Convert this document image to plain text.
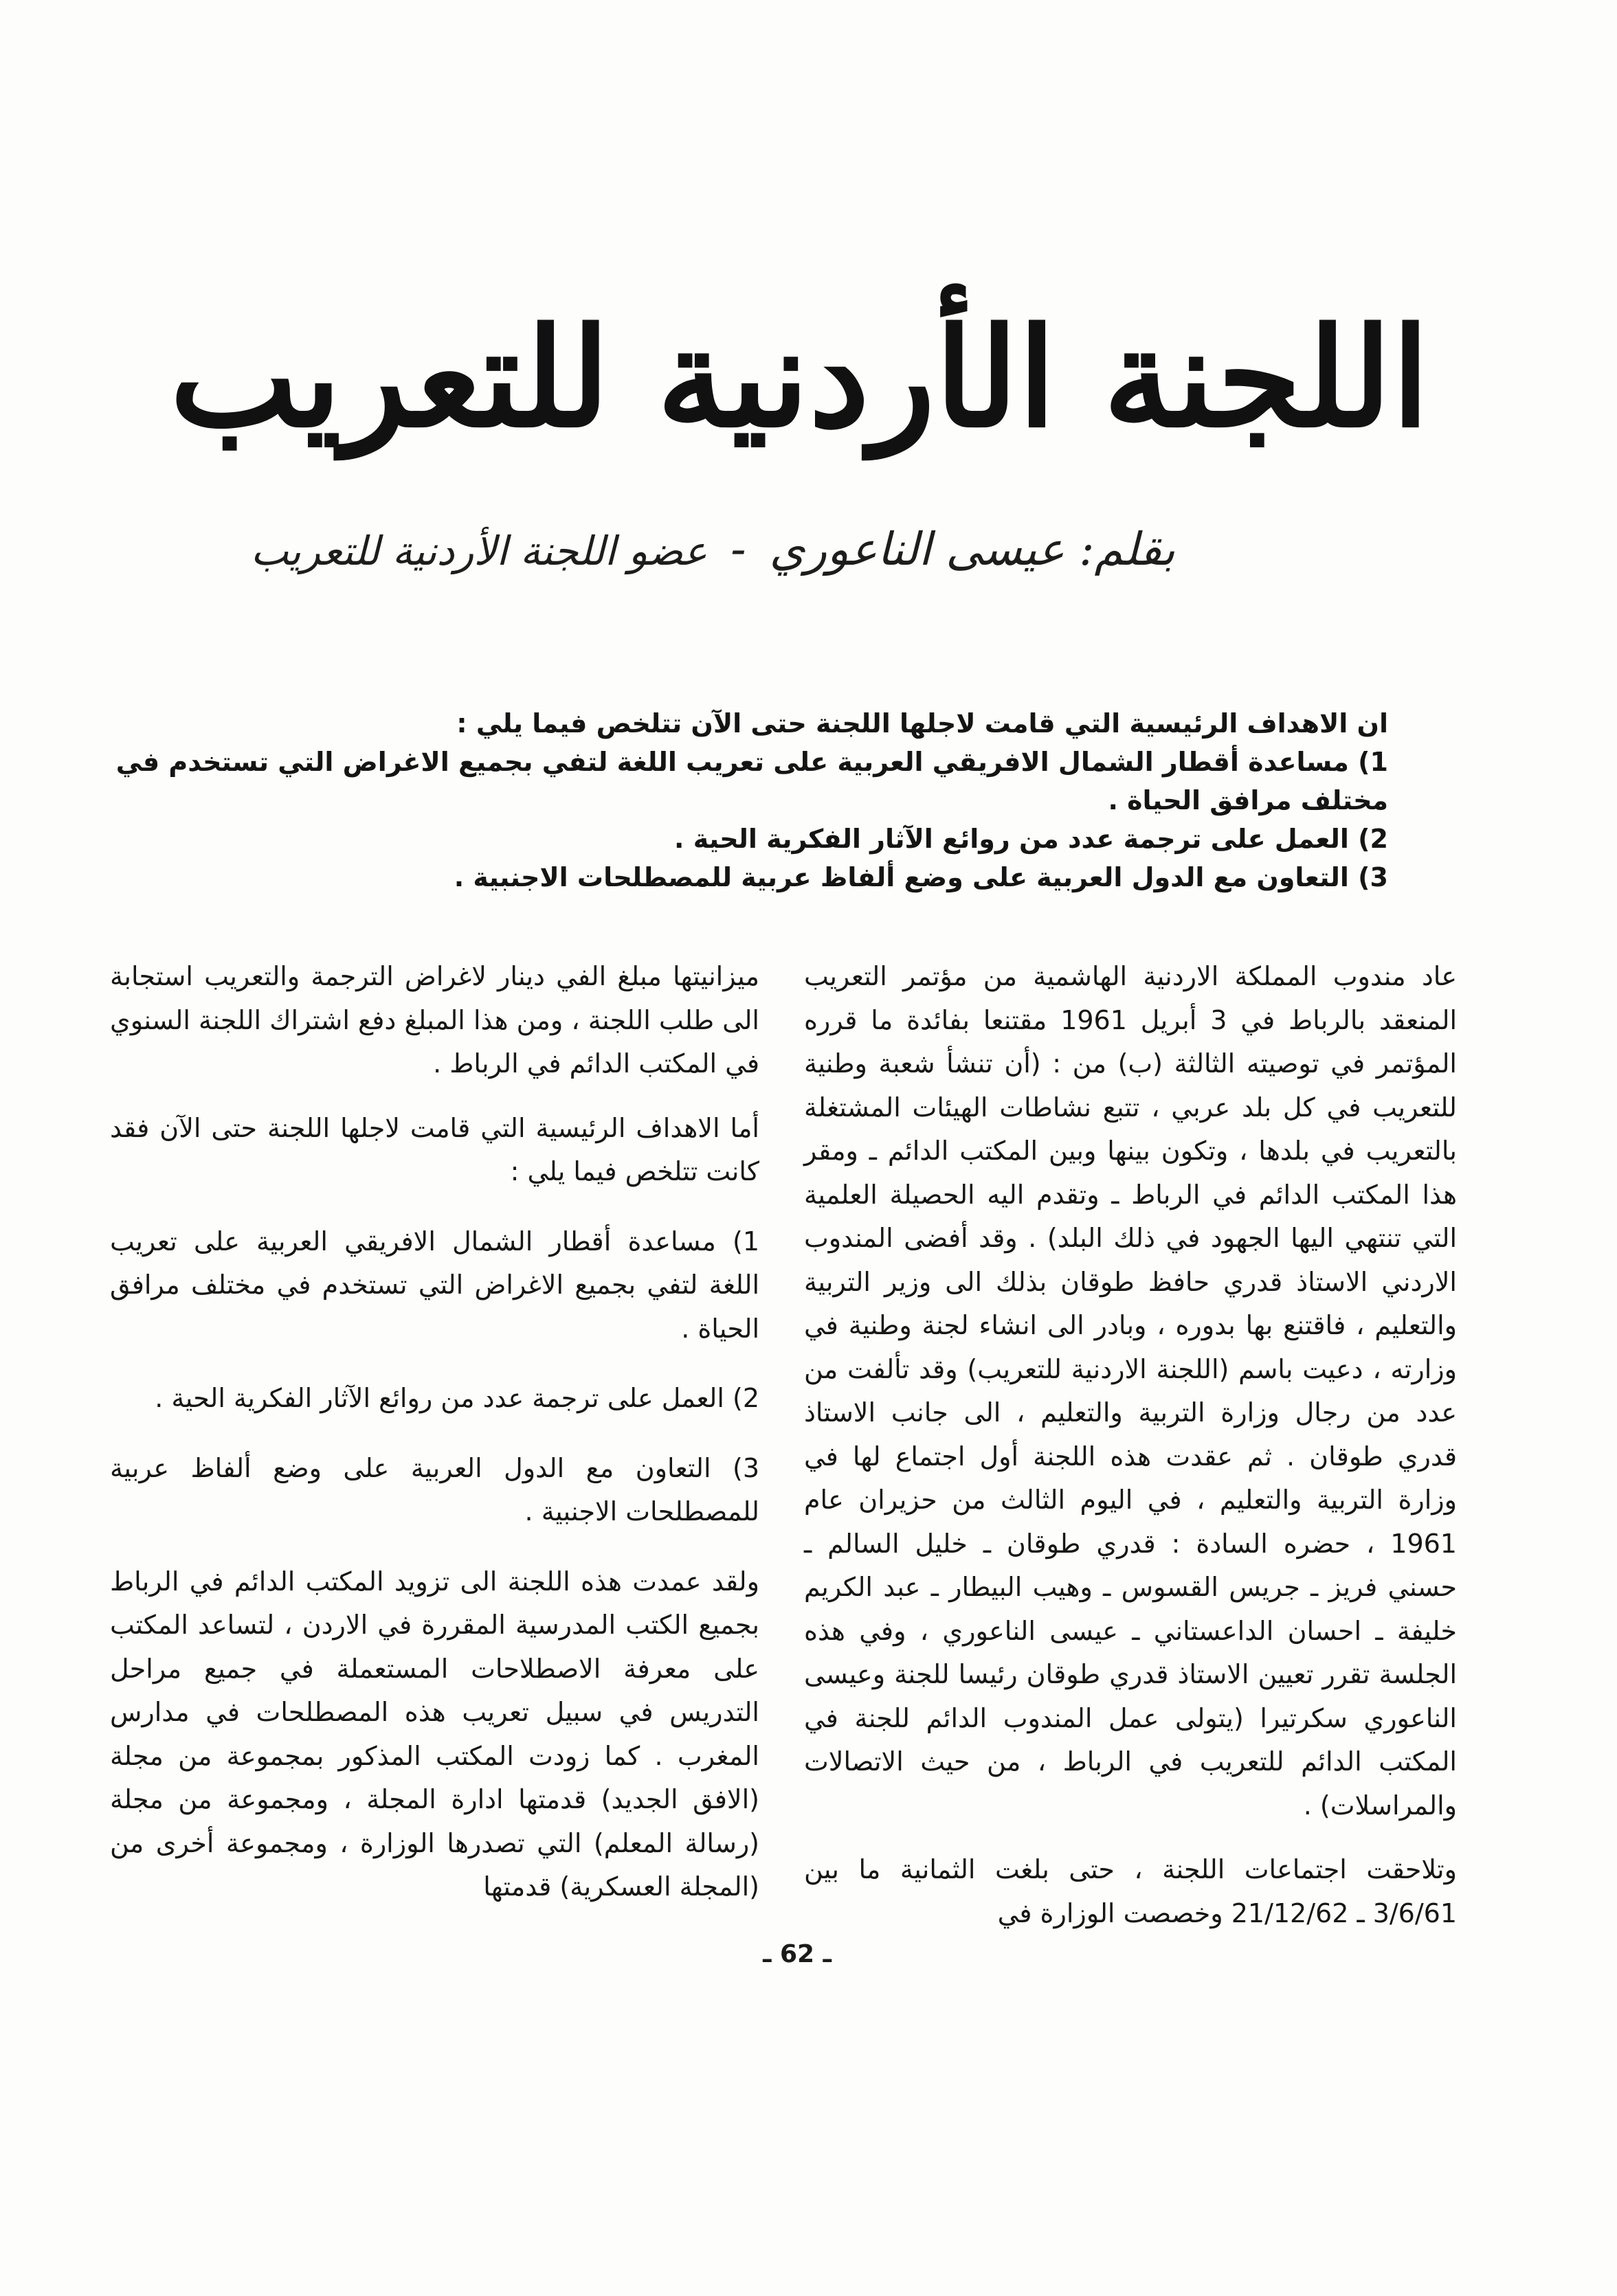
اللجنة الأردنية للتعريب
بقلم: عيسى الناعوري-عضو اللجنة الأردنية للتعريب

ان الاهداف الرئيسية التي قامت لاجلها اللجنة حتى الآن تتلخص فيما يلي :

1) مساعدة أقطار الشمال الافريقي العربية على تعريب اللغة لتفي بجميع الاغراض التي تستخدم في مختلف مرافق الحياة .

2) العمل على ترجمة عدد من روائع الآثار الفكرية الحية .

3) التعاون مع الدول العربية على وضع ألفاظ عربية للمصطلحات الاجنبية .

عاد مندوب المملكة الاردنية الهاشمية من مؤتمر التعريب المنعقد بالرباط في 3 أبريل 1961 مقتنعا بفائدة ما قرره المؤتمر في توصيته الثالثة (ب) من : (أن تنشأ شعبة وطنية للتعريب في كل بلد عربي ، تتبع نشاطات الهيئات المشتغلة بالتعريب في بلدها ، وتكون بينها وبين المكتب الدائم ـ ومقر هذا المكتب الدائم في الرباط ـ وتقدم اليه الحصيلة العلمية التي تنتهي اليها الجهود في ذلك البلد) . وقد أفضى المندوب الاردني الاستاذ قدري حافظ طوقان بذلك الى وزير التربية والتعليم ، فاقتنع بها بدوره ، وبادر الى انشاء لجنة وطنية في وزارته ، دعيت باسم (اللجنة الاردنية للتعريب) وقد تألفت من عدد من رجال وزارة التربية والتعليم ، الى جانب الاستاذ قدري طوقان . ثم عقدت هذه اللجنة أول اجتماع لها في وزارة التربية والتعليم ، في اليوم الثالث من حزيران عام 1961 ، حضره السادة : قدري طوقان ـ خليل السالم ـ حسني فريز ـ جريس القسوس ـ وهيب البيطار ـ عبد الكريم خليفة ـ احسان الداعستاني ـ عيسى الناعوري ، وفي هذه الجلسة تقرر تعيين الاستاذ قدري طوقان رئيسا للجنة وعيسى الناعوري سكرتيرا (يتولى عمل المندوب الدائم للجنة في المكتب الدائم للتعريب في الرباط ، من حيث الاتصالات والمراسلات) .

وتلاحقت اجتماعات اللجنة ، حتى بلغت الثمانية ما بين 3/6/61 ـ 21/12/62 وخصصت الوزارة في

ميزانيتها مبلغ الفي دينار لاغراض الترجمة والتعريب استجابة الى طلب اللجنة ، ومن هذا المبلغ دفع اشتراك اللجنة السنوي في المكتب الدائم في الرباط .

أما الاهداف الرئيسية التي قامت لاجلها اللجنة حتى الآن فقد كانت تتلخص فيما يلي :

1) مساعدة أقطار الشمال الافريقي العربية على تعريب اللغة لتفي بجميع الاغراض التي تستخدم في مختلف مرافق الحياة .

2) العمل على ترجمة عدد من روائع الآثار الفكرية الحية .

3) التعاون مع الدول العربية على وضع ألفاظ عربية للمصطلحات الاجنبية .

ولقد عمدت هذه اللجنة الى تزويد المكتب الدائم في الرباط بجميع الكتب المدرسية المقررة في الاردن ، لتساعد المكتب على معرفة الاصطلاحات المستعملة في جميع مراحل التدريس في سبيل تعريب هذه المصطلحات في مدارس المغرب . كما زودت المكتب المذكور بمجموعة من مجلة (الافق الجديد) قدمتها ادارة المجلة ، ومجموعة من مجلة (رسالة المعلم) التي تصدرها الوزارة ، ومجموعة أخرى من (المجلة العسكرية) قدمتها

ـ 62 ـ
